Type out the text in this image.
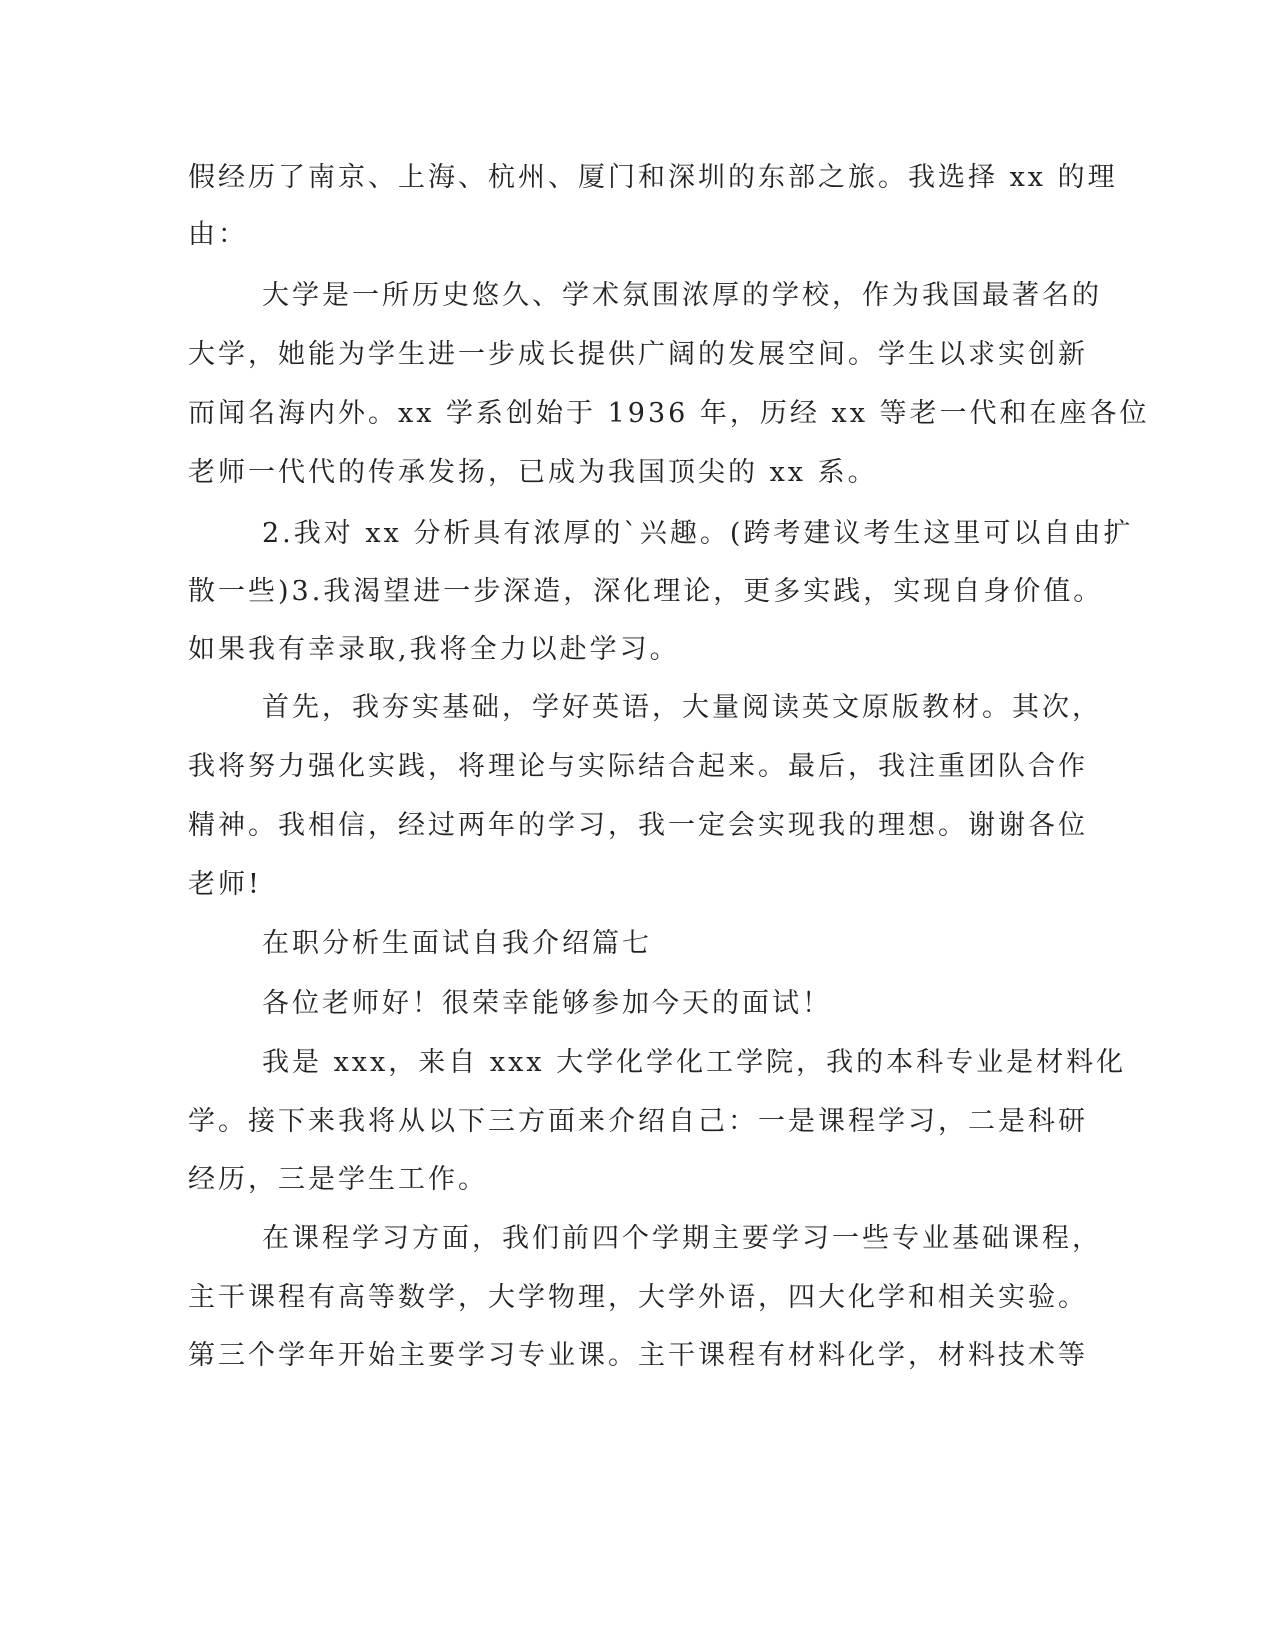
假经历了南京、上海、杭州、厦门和深圳的东部之旅。我选择 xx 的理
由：
大学是一所历史悠久、学术氛围浓厚的学校，作为我国最著名的
大学，她能为学生进一步成长提供广阔的发展空间。学生以求实创新
而闻名海内外。xx 学系创始于 1936 年，历经 xx 等老一代和在座各位
老师一代代的传承发扬，已成为我国顶尖的 xx 系。
2.我对 xx 分析具有浓厚的`兴趣。(跨考建议考生这里可以自由扩
散一些)3.我渴望进一步深造，深化理论，更多实践，实现自身价值。
如果我有幸录取,我将全力以赴学习。
首先，我夯实基础，学好英语，大量阅读英文原版教材。其次，
我将努力强化实践，将理论与实际结合起来。最后，我注重团队合作
精神。我相信，经过两年的学习，我一定会实现我的理想。谢谢各位
老师!
在职分析生面试自我介绍篇七
各位老师好！很荣幸能够参加今天的面试！
我是 xxx，来自 xxx 大学化学化工学院，我的本科专业是材料化
学。接下来我将从以下三方面来介绍自己：一是课程学习，二是科研
经历，三是学生工作。
在课程学习方面，我们前四个学期主要学习一些专业基础课程，
主干课程有高等数学，大学物理，大学外语，四大化学和相关实验。
第三个学年开始主要学习专业课。主干课程有材料化学，材料技术等
